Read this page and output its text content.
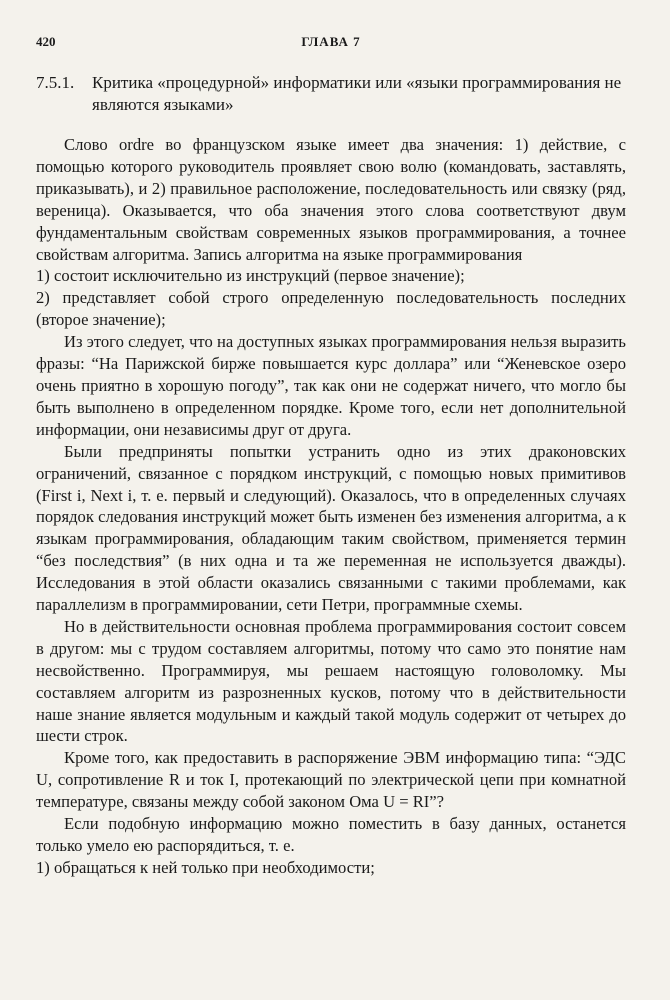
420	ГЛАВА 7
7.5.1. Критика «процедурной» информатики или «языки программирования не являются языками»

Слово ordre во французском языке имеет два значения: 1) действие, с помощью которого руководитель проявляет свою волю (командовать, заставлять, приказывать), и 2) правильное расположение, последовательность или связку (ряд, вереница). Оказывается, что оба значения этого слова соответствуют двум фундаментальным свойствам современных языков программирования, а точнее свойствам алгоритма. Запись алгоритма на языке программирования

1) состоит исключительно из инструкций (первое значение);

2) представляет собой строго определенную последовательность последних (второе значение);

Из этого следует, что на доступных языках программирования нельзя выразить фразы: “На Парижской бирже повышается курс доллара” или “Женевское озеро очень приятно в хорошую погоду”, так как они не содержат ничего, что могло бы быть выполнено в определенном порядке. Кроме того, если нет дополнительной информации, они независимы друг от друга.

Были предприняты попытки устранить одно из этих драконовских ограничений, связанное с порядком инструкций, с помощью новых примитивов (First i, Next i, т. е. первый и следующий). Оказалось, что в определенных случаях порядок следования инструкций может быть изменен без изменения алгоритма, а к языкам программирования, обладающим таким свойством, применяется термин “без последствия” (в них одна и та же переменная не используется дважды). Исследования в этой области оказались связанными с такими проблемами, как параллелизм в программировании, сети Петри, программные схемы.

Но в действительности основная проблема программирования состоит совсем в другом: мы с трудом составляем алгоритмы, потому что само это понятие нам несвойственно. Программируя, мы решаем настоящую головоломку. Мы составляем алгоритм из разрозненных кусков, потому что в действительности наше знание является модульным и каждый такой модуль содержит от четырех до шести строк.

Кроме того, как предоставить в распоряжение ЭВМ информацию типа: “ЭДС U, сопротивление R и ток I, протекающий по электрической цепи при комнатной температуре, связаны между собой законом Ома U = RI”?

Если подобную информацию можно поместить в базу данных, останется только умело ею распорядиться, т. е.

1) обращаться к ней только при необходимости;
